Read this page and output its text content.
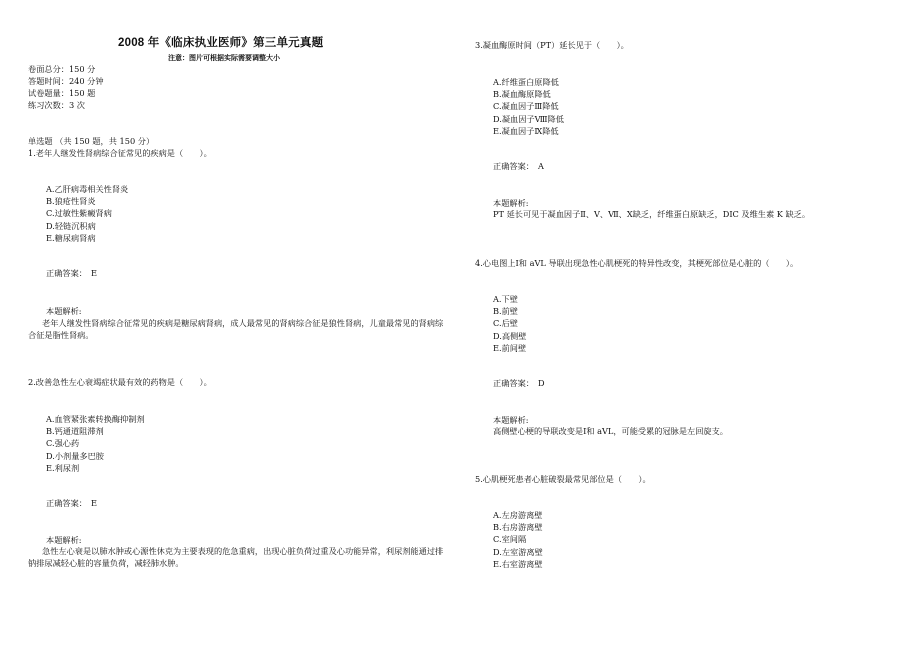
2008 年《临床执业医师》第三单元真题
注意：图片可根据实际需要调整大小
卷面总分：150 分
答题时间：240 分钟
试卷题量：150 题
练习次数：3 次
单选题 （共 150 题，共 150 分）
1.老年人继发性肾病综合征常见的疾病是（　　）。
A.乙肝病毒相关性肾炎
B.狼疮性肾炎
C.过敏性紫癜肾病
D.轻链沉积病
E.糖尿病肾病
正确答案：　E
本题解析:
老年人继发性肾病综合征常见的疾病是糖尿病肾病，成人最常见的肾病综合征是狼性肾病，儿童最常见的肾病综合征是脂性肾病。
2.改善急性左心衰竭症状最有效的药物是（　　）。
A.血管紧张素转换酶抑制剂
B.钙通道阻滞剂
C.强心药
D.小剂量多巴胺
E.利尿剂
正确答案：　E
本题解析:
急性左心衰是以肺水肿或心源性休克为主要表现的危急重病，出现心脏负荷过重及心功能异常，利尿剂能通过排钠排尿减轻心脏的容量负荷，减轻肺水肿。
3.凝血酶原时间（PT）延长见于（　　）。
A.纤维蛋白原降低
B.凝血酶原降低
C.凝血因子Ⅲ降低
D.凝血因子Ⅷ降低
E.凝血因子Ⅸ降低
正确答案：　A
本题解析:
PT 延长可见于凝血因子Ⅱ、Ⅴ、Ⅶ、Ⅹ缺乏，纤维蛋白原缺乏，DIC 及维生素 K 缺乏。
4.心电图上Ⅰ和 aVL 导联出现急性心肌梗死的特异性改变，其梗死部位是心脏的（　　）。
A.下壁
B.前壁
C.后壁
D.高侧壁
E.前间壁
正确答案：　D
本题解析:
高侧壁心梗的导联改变是Ⅰ和 aVL，可能受累的冠脉是左回旋支。
5.心肌梗死患者心脏破裂最常见部位是（　　）。
A.左房游离壁
B.右房游离壁
C.室间隔
D.左室游离壁
E.右室游离壁
